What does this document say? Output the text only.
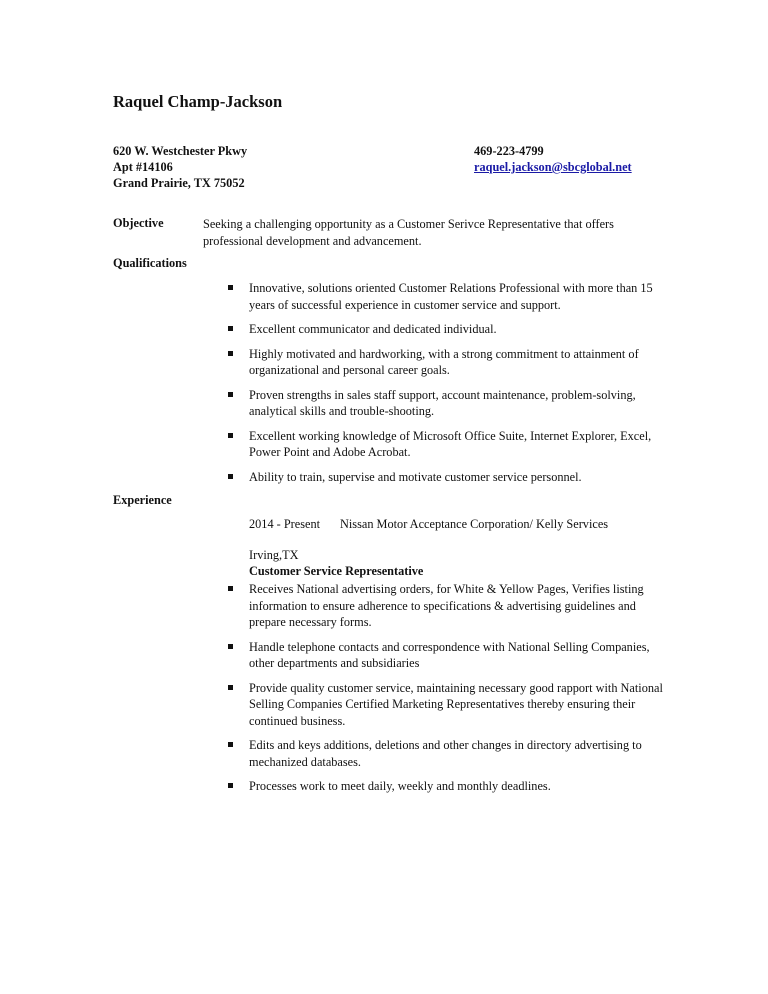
Raquel Champ-Jackson
620 W. Westchester Pkwy
Apt #14106
Grand Prairie, TX 75052
469-223-4799
raquel.jackson@sbcglobal.net
Objective	Seeking a challenging opportunity as a Customer Serivce Representative that offers professional development and advancement.
Qualifications
Innovative, solutions oriented Customer Relations Professional with more than 15 years of successful experience in customer service and support.
Excellent communicator and dedicated individual.
Highly motivated and hardworking, with a strong commitment to attainment of organizational and personal career goals.
Proven strengths in sales staff support, account maintenance, problem-solving, analytical skills and trouble-shooting.
Excellent working knowledge of Microsoft Office Suite, Internet Explorer, Excel, Power Point and Adobe Acrobat.
Ability to train, supervise and motivate customer service personnel.
Experience
2014 - Present Nissan Motor Acceptance Corporation/ Kelly Services
Irving,TX
Customer Service Representative
Receives National advertising orders, for White & Yellow Pages, Verifies listing information to ensure adherence to specifications & advertising guidelines and prepare necessary forms.
Handle telephone contacts and correspondence with National Selling Companies, other departments and subsidiaries
Provide quality customer service, maintaining necessary good rapport with National Selling Companies Certified Marketing Representatives thereby ensuring their continued business.
Edits and keys additions, deletions and other changes in directory advertising to mechanized databases.
Processes work to meet daily, weekly and monthly deadlines.
